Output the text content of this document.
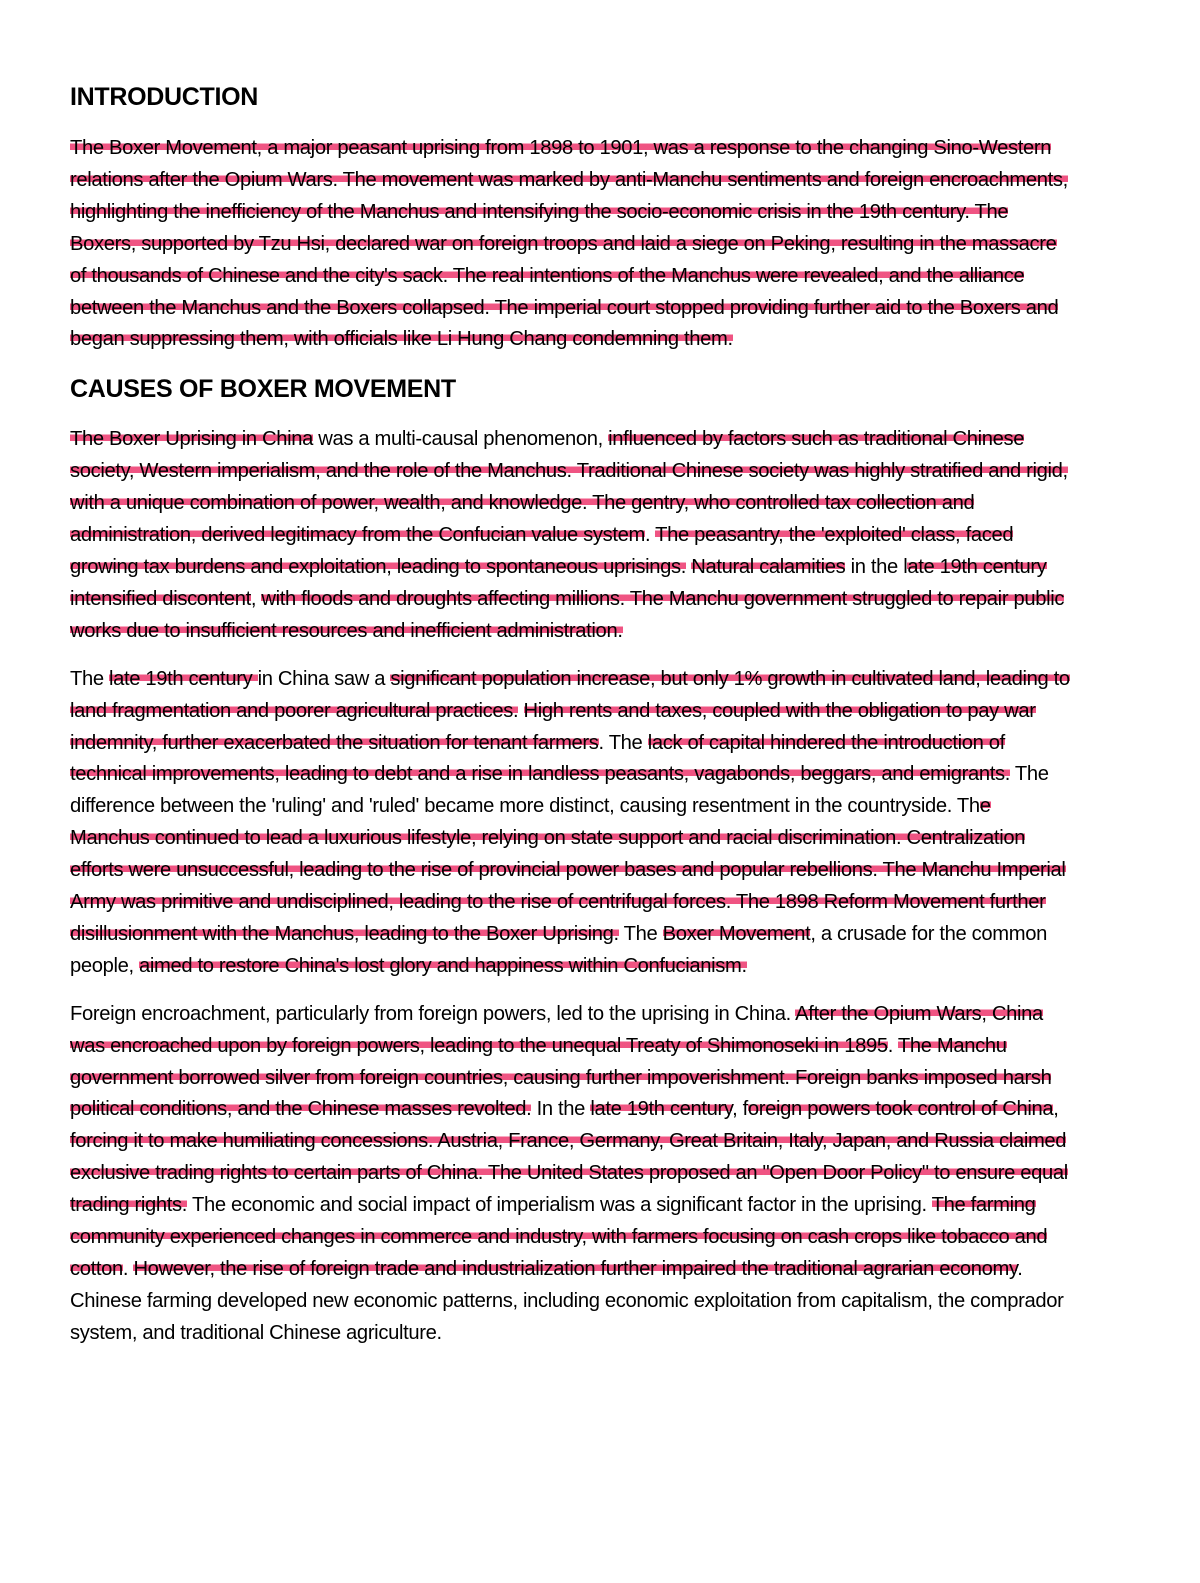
INTRODUCTION

The Boxer Movement, a major peasant uprising from 1898 to 1901, was a response to the changing Sino-Western relations after the Opium Wars. The movement was marked by anti-Manchu sentiments and foreign encroachments, highlighting the inefficiency of the Manchus and intensifying the socio-economic crisis in the 19th century. The Boxers, supported by Tzu Hsi, declared war on foreign troops and laid a siege on Peking, resulting in the massacre of thousands of Chinese and the city's sack. The real intentions of the Manchus were revealed, and the alliance between the Manchus and the Boxers collapsed. The imperial court stopped providing further aid to the Boxers and began suppressing them, with officials like Li Hung Chang condemning them.

CAUSES OF BOXER MOVEMENT

The Boxer Uprising in China was a multi-causal phenomenon, influenced by factors such as traditional Chinese society, Western imperialism, and the role of the Manchus. Traditional Chinese society was highly stratified and rigid, with a unique combination of power, wealth, and knowledge. The gentry, who controlled tax collection and administration, derived legitimacy from the Confucian value system. The peasantry, the 'exploited' class, faced growing tax burdens and exploitation, leading to spontaneous uprisings. Natural calamities in the late 19th century intensified discontent, with floods and droughts affecting millions. The Manchu government struggled to repair public works due to insufficient resources and inefficient administration.

The late 19th century in China saw a significant population increase, but only 1% growth in cultivated land, leading to land fragmentation and poorer agricultural practices. High rents and taxes, coupled with the obligation to pay war indemnity, further exacerbated the situation for tenant farmers. The lack of capital hindered the introduction of technical improvements, leading to debt and a rise in landless peasants, vagabonds, beggars, and emigrants. The difference between the 'ruling' and 'ruled' became more distinct, causing resentment in the countryside. The Manchus continued to lead a luxurious lifestyle, relying on state support and racial discrimination. Centralization efforts were unsuccessful, leading to the rise of provincial power bases and popular rebellions. The Manchu Imperial Army was primitive and undisciplined, leading to the rise of centrifugal forces. The 1898 Reform Movement further disillusionment with the Manchus, leading to the Boxer Uprising. The Boxer Movement, a crusade for the common people, aimed to restore China's lost glory and happiness within Confucianism.

Foreign encroachment, particularly from foreign powers, led to the uprising in China. After the Opium Wars, China was encroached upon by foreign powers, leading to the unequal Treaty of Shimonoseki in 1895. The Manchu government borrowed silver from foreign countries, causing further impoverishment. Foreign banks imposed harsh political conditions, and the Chinese masses revolted. In the late 19th century, foreign powers took control of China, forcing it to make humiliating concessions. Austria, France, Germany, Great Britain, Italy, Japan, and Russia claimed exclusive trading rights to certain parts of China. The United States proposed an "Open Door Policy" to ensure equal trading rights. The economic and social impact of imperialism was a significant factor in the uprising. The farming community experienced changes in commerce and industry, with farmers focusing on cash crops like tobacco and cotton. However, the rise of foreign trade and industrialization further impaired the traditional agrarian economy. Chinese farming developed new economic patterns, including economic exploitation from capitalism, the comprador system, and traditional Chinese agriculture.
